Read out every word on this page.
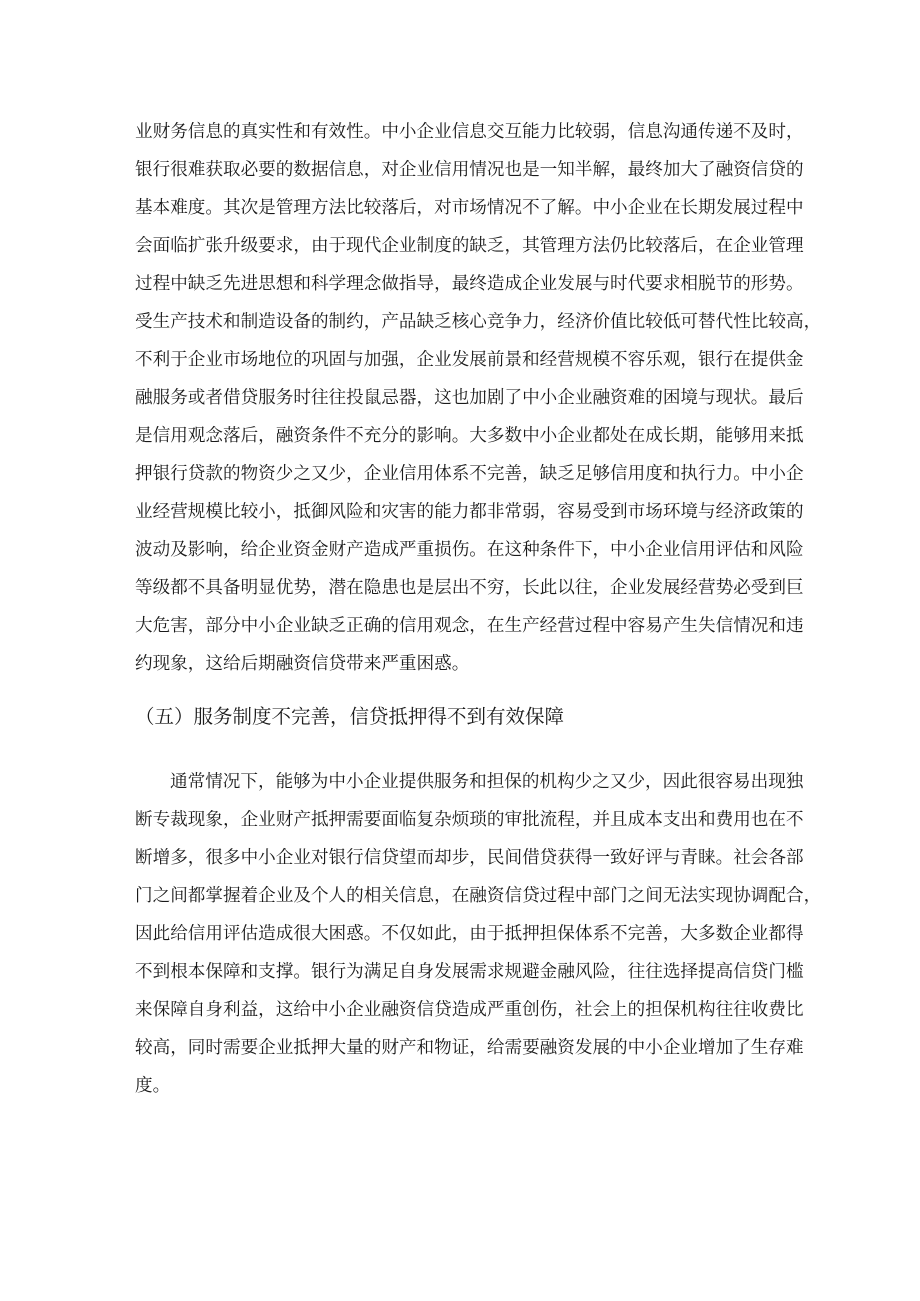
业财务信息的真实性和有效性。中小企业信息交互能力比较弱，信息沟通传递不及时，
银行很难获取必要的数据信息，对企业信用情况也是一知半解，最终加大了融资信贷的
基本难度。其次是管理方法比较落后，对市场情况不了解。中小企业在长期发展过程中
会面临扩张升级要求，由于现代企业制度的缺乏，其管理方法仍比较落后，在企业管理
过程中缺乏先进思想和科学理念做指导，最终造成企业发展与时代要求相脱节的形势。
受生产技术和制造设备的制约，产品缺乏核心竞争力，经济价值比较低可替代性比较高，
不利于企业市场地位的巩固与加强，企业发展前景和经营规模不容乐观，银行在提供金
融服务或者借贷服务时往往投鼠忌器，这也加剧了中小企业融资难的困境与现状。最后
是信用观念落后，融资条件不充分的影响。大多数中小企业都处在成长期，能够用来抵
押银行贷款的物资少之又少，企业信用体系不完善，缺乏足够信用度和执行力。中小企
业经营规模比较小，抵御风险和灾害的能力都非常弱，容易受到市场环境与经济政策的
波动及影响，给企业资金财产造成严重损伤。在这种条件下，中小企业信用评估和风险
等级都不具备明显优势，潜在隐患也是层出不穷，长此以往，企业发展经营势必受到巨
大危害，部分中小企业缺乏正确的信用观念，在生产经营过程中容易产生失信情况和违
约现象，这给后期融资信贷带来严重困惑。
（五）服务制度不完善，信贷抵押得不到有效保障
通常情况下，能够为中小企业提供服务和担保的机构少之又少，因此很容易出现独
断专裁现象，企业财产抵押需要面临复杂烦琐的审批流程，并且成本支出和费用也在不
断增多，很多中小企业对银行信贷望而却步，民间借贷获得一致好评与青睐。社会各部
门之间都掌握着企业及个人的相关信息，在融资信贷过程中部门之间无法实现协调配合，
因此给信用评估造成很大困惑。不仅如此，由于抵押担保体系不完善，大多数企业都得
不到根本保障和支撑。银行为满足自身发展需求规避金融风险，往往选择提高信贷门槛
来保障自身利益，这给中小企业融资信贷造成严重创伤，社会上的担保机构往往收费比
较高，同时需要企业抵押大量的财产和物证，给需要融资发展的中小企业增加了生存难
度。
